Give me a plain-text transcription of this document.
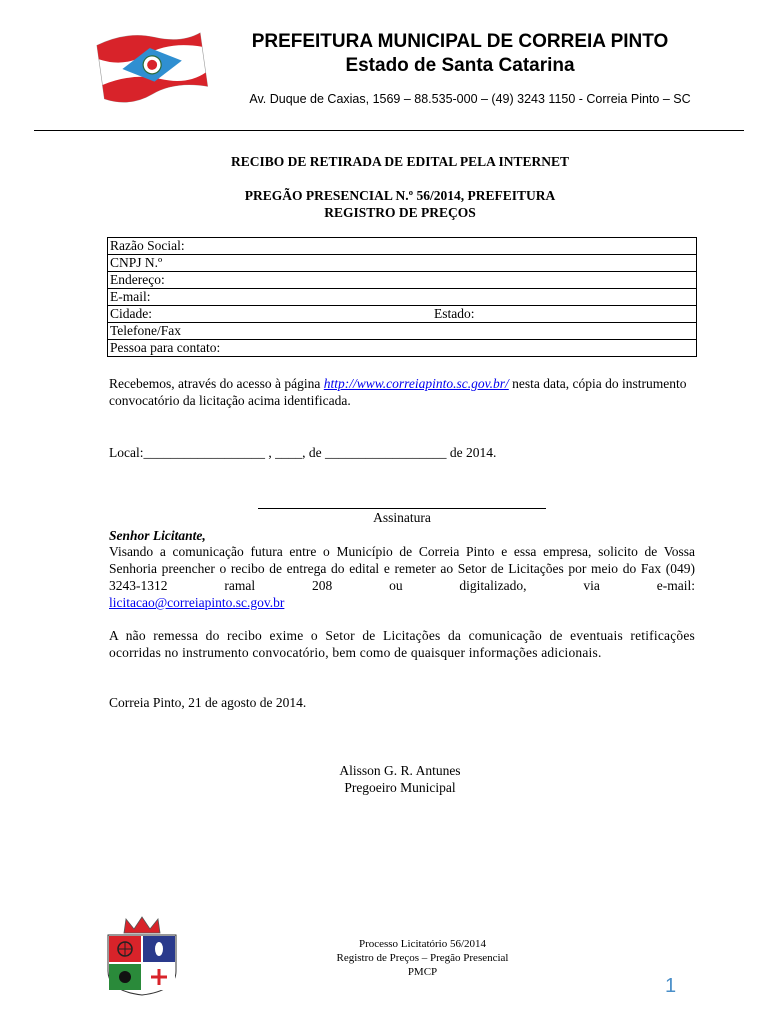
PREFEITURA MUNICIPAL DE CORREIA PINTO
Estado de Santa Catarina
Av. Duque de Caxias, 1569 – 88.535-000 – (49) 3243 1150 - Correia Pinto – SC
RECIBO DE RETIRADA DE EDITAL PELA INTERNET
PREGÃO PRESENCIAL N.º 56/2014, PREFEITURA
REGISTRO DE PREÇOS
Razão Social:
CNPJ N.º
Endereço:
E-mail:
Cidade:	Estado:

Telefone/Fax
Pessoa para contato:
Recebemos, através do acesso à página http://www.correiapinto.sc.gov.br/ nesta data, cópia do instrumento convocatório da licitação acima identificada.
Local:__________________ , ____, de __________________ de 2014.
Assinatura
Senhor Licitante,
Visando a comunicação futura entre o Município de Correia Pinto e essa empresa, solicito de Vossa Senhoria preencher o recibo de entrega do edital e remeter ao Setor de Licitações por meio do Fax (049) 3243-1312 ramal 208 ou digitalizado, via e-mail:
licitacao@correiapinto.sc.gov.br
A não remessa do recibo exime o Setor de Licitações da comunicação de eventuais retificações ocorridas no instrumento convocatório, bem como de quaisquer informações adicionais.
Correia Pinto, 21 de agosto de 2014.
Alisson G. R. Antunes
Pregoeiro Municipal
Processo Licitatório 56/2014
Registro de Preços – Pregão Presencial
PMCP
1
